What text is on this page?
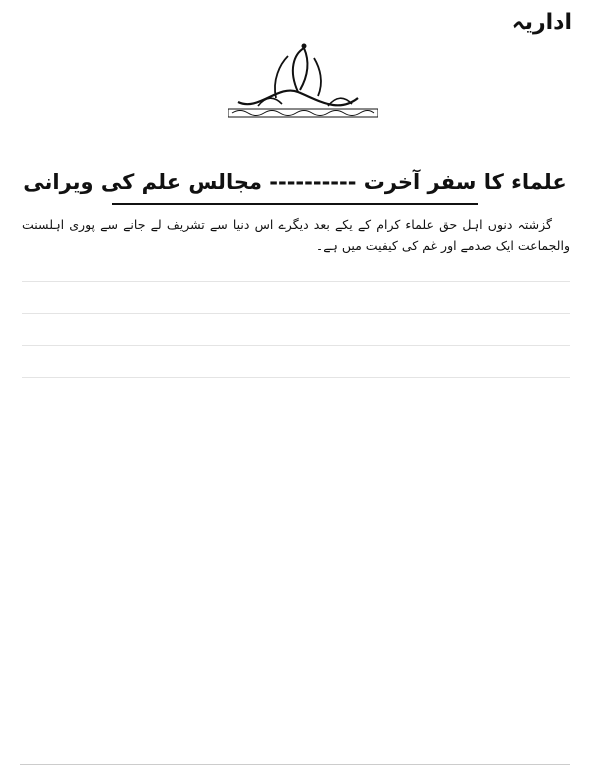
اداریہ
علماء کا سفر آخرت ---------- مجالس علم کی ویرانی

گزشتہ دنوں اہل حق علماء کرام کے یکے بعد دیگرے اس دنیا سے تشریف لے جانے سے پوری اہلسنت والجماعت ایک صدمے اور غم کی کیفیت میں ہے۔
